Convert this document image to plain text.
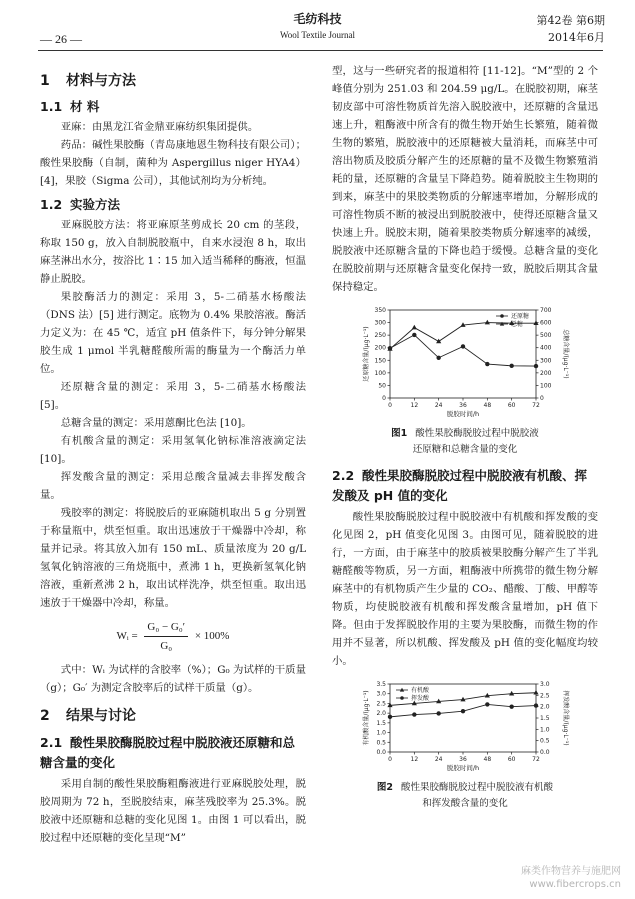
毛纺科技
Wool Textile Journal
— 26 —
第42卷 第6期
2014年6月
1 材料与方法
1.1 材 料

亚麻：由黑龙江省金鼎亚麻纺织集团提供。

药品：碱性果胶酶（青岛康地恩生物科技有限公司）；酸性果胶酶（自制，菌种为 Aspergillus niger HYA4）[4]，果胶（Sigma 公司），其他试剂均为分析纯。

1.2 实验方法

亚麻脱胶方法：将亚麻原茎剪成长 20 cm 的茎段，称取 150 g，放入自制脱胶瓶中，自来水浸泡 8 h，取出麻茎淋出水分，按浴比 1∶15 加入适当稀释的酶液，恒温静止脱胶。

果胶酶活力的测定：采用 3，5-二硝基水杨酸法（DNS 法）[5] 进行测定。底物为 0.4% 果胶溶液。酶活力定义为：在 45 ℃，适宜 pH 值条件下，每分钟分解果胶生成 1 μmol 半乳糖醛酸所需的酶量为一个酶活力单位。

还原糖含量的测定：采用 3，5-二硝基水杨酸法 [5]。

总糖含量的测定：采用蒽酮比色法 [10]。

有机酸含量的测定：采用氢氧化钠标准溶液滴定法 [10]。

挥发酸含量的测定：采用总酸含量减去非挥发酸含量。

残胶率的测定：将脱胶后的亚麻随机取出 5 g 分别置于称量瓶中，烘至恒重。取出迅速放于干燥器中冷却，称量并记录。将其放入加有 150 mL、质量浓度为 20 g/L 氢氧化钠溶液的三角烧瓶中，煮沸 1 h，更换新氢氧化钠溶液，重新煮沸 2 h，取出试样洗净，烘至恒重。取出迅速放于干燥器中冷却，称量。

Wᵢ = $\frac{\text{G₀ − G₀′}}{\text{G₀}} \times 100\%$

式中：Wᵢ 为试样的含胶率（%）；G₀ 为试样的干质量（g）；G₀′ 为测定含胶率后的试样干质量（g）。

2 结果与讨论
2.1 酸性果胶酶脱胶过程中脱胶液还原糖和总糖含量的变化

采用自制的酸性果胶酶粗酶液进行亚麻脱胶处理，脱胶周期为 72 h，至脱胶结束，麻茎残胶率为 25.3%。脱胶液中还原糖和总糖的变化见图 1。由图 1 可以看出，脱胶过程中还原糖的变化呈现“M”

型，这与一些研究者的报道相符 [11-12]。“M”型的 2 个峰值分别为 251.03 和 204.59 μg/L。在脱胶初期，麻茎韧皮部中可溶性物质首先溶入脱胶液中，还原糖的含量迅速上升，粗酶液中所含有的微生物开始生长繁殖，随着微生物的繁殖，脱胶液中的还原糖被大量消耗，而麻茎中可溶出物质及胶质分解产生的还原糖的量不及微生物繁殖消耗的量，还原糖的含量呈下降趋势。随着脱胶主生物期的到来，麻茎中的果胶类物质的分解速率增加，分解形成的可溶性物质不断的被浸出到脱胶液中，使得还原糖含量又快速上升。脱胶末期，随着果胶类物质分解速率的减缓，脱胶液中还原糖含量的下降也趋于缓慢。总糖含量的变化在脱胶前期与还原糖含量变化保持一致，脱胶后期其含量保持稳定。

0	12	24	36	48	60	72
0
50
100
150
200
250
300
350
0
100
200
300
400
500
600
700
脱胶时间/h
还原糖含量/(μg·L⁻¹)	总糖含量/(μg·L⁻¹)
还原糖
总糖
图1 酸性果胶酶脱胶过程中脱胶液
还原糖和总糖含量的变化
2.2 酸性果胶酶脱胶过程中脱胶液有机酸、挥发酸及 pH 值的变化

酸性果胶酶脱胶过程中脱胶液中有机酸和挥发酸的变化见图 2，pH 值变化见图 3。由图可见，随着脱胶的进行，一方面，由于麻茎中的胶质被果胶酶分解产生了半乳糖醛酸等物质，另一方面，粗酶液中所携带的微生物分解麻茎中的有机物质产生少量的 CO₂、醋酸、丁酸、甲醇等物质，均使脱胶液有机酸和挥发酸含量增加，pH 值下降。但由于发挥脱胶作用的主要为果胶酶，而微生物的作用并不显著，所以机酸、挥发酸及 pH 值的变化幅度均较小。

0	12	24	36	48	60	72
0.0
0.5
1.0
1.5
2.0
2.5
3.0
3.5
0.0
0.5
1.0
1.5
2.0
2.5
3.0
脱胶时间/h
有机酸含量/(μg·L⁻¹)	挥发酸含量/(μg·L⁻¹)
有机酸
挥发酸
图2 酸性果胶酶脱胶过程中脱胶液有机酸
和挥发酸含量的变化
麻类作物营养与施肥网
www.fibercrops.cn
